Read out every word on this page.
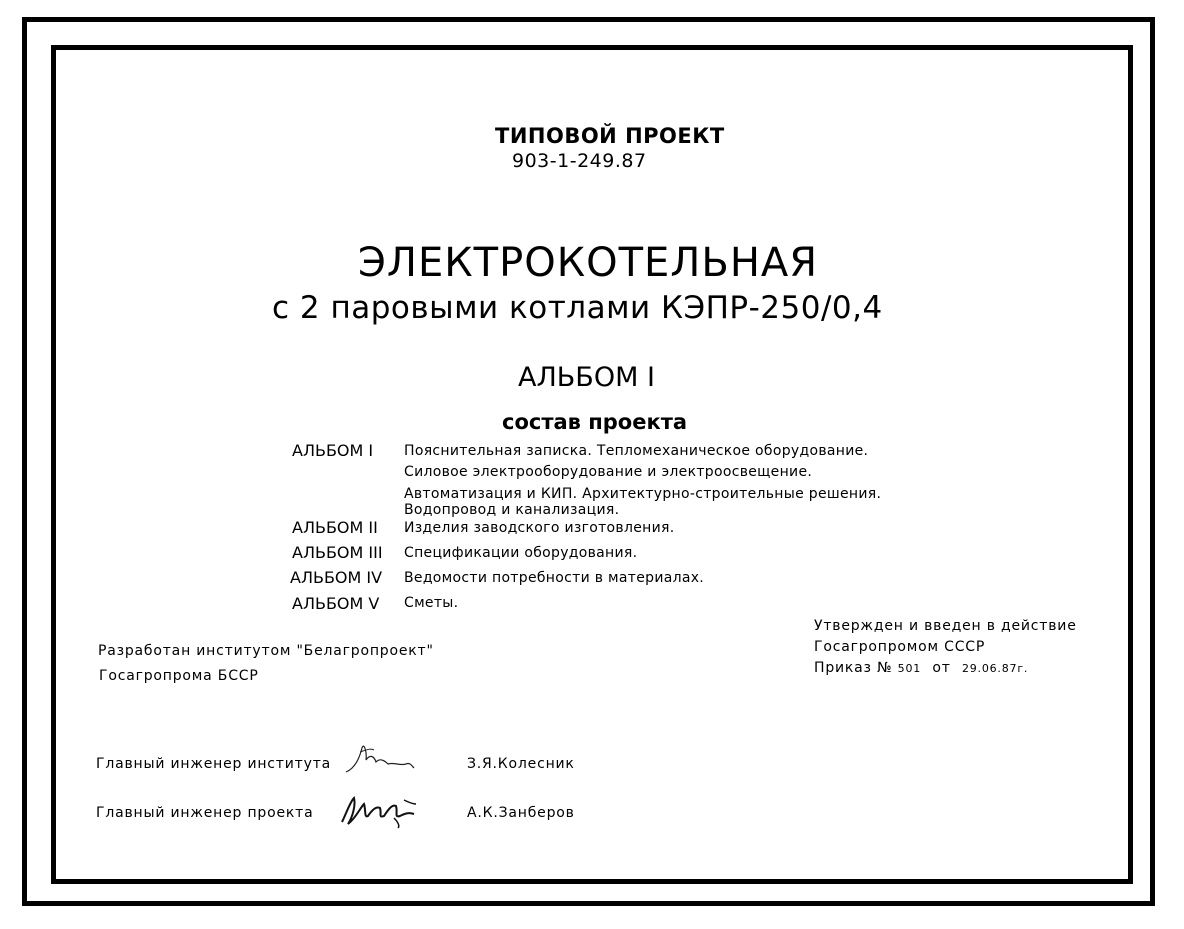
ТИПОВОЙ ПРОЕКТ
903-1-249.87
ЭЛЕКТРОКОТЕЛЬНАЯ
с 2 паровыми котлами КЭПР-250/0,4
АЛЬБОМ I
состав проекта
АЛЬБОМ I Пояснительная записка. Тепломеханическое оборудование.
Силовое электрооборудование и электроосвещение.
Автоматизация и КИП. Архитектурно-строительные решения.
Водопровод и канализация.
АЛЬБОМ II Изделия заводского изготовления.
АЛЬБОМ III Спецификации оборудования.
АЛЬБОМ IV Ведомости потребности в материалах.
АЛЬБОМ V Сметы.
Разработан институтом "Белагропроект"
Госагропрома БССР
Утвержден и введен в действие
Госагропромом СССР
Приказ № 501 от 29.06.87г.
Главный инженер института	З.Я.Колесник
Главный инженер проекта	А.К.Занберов
